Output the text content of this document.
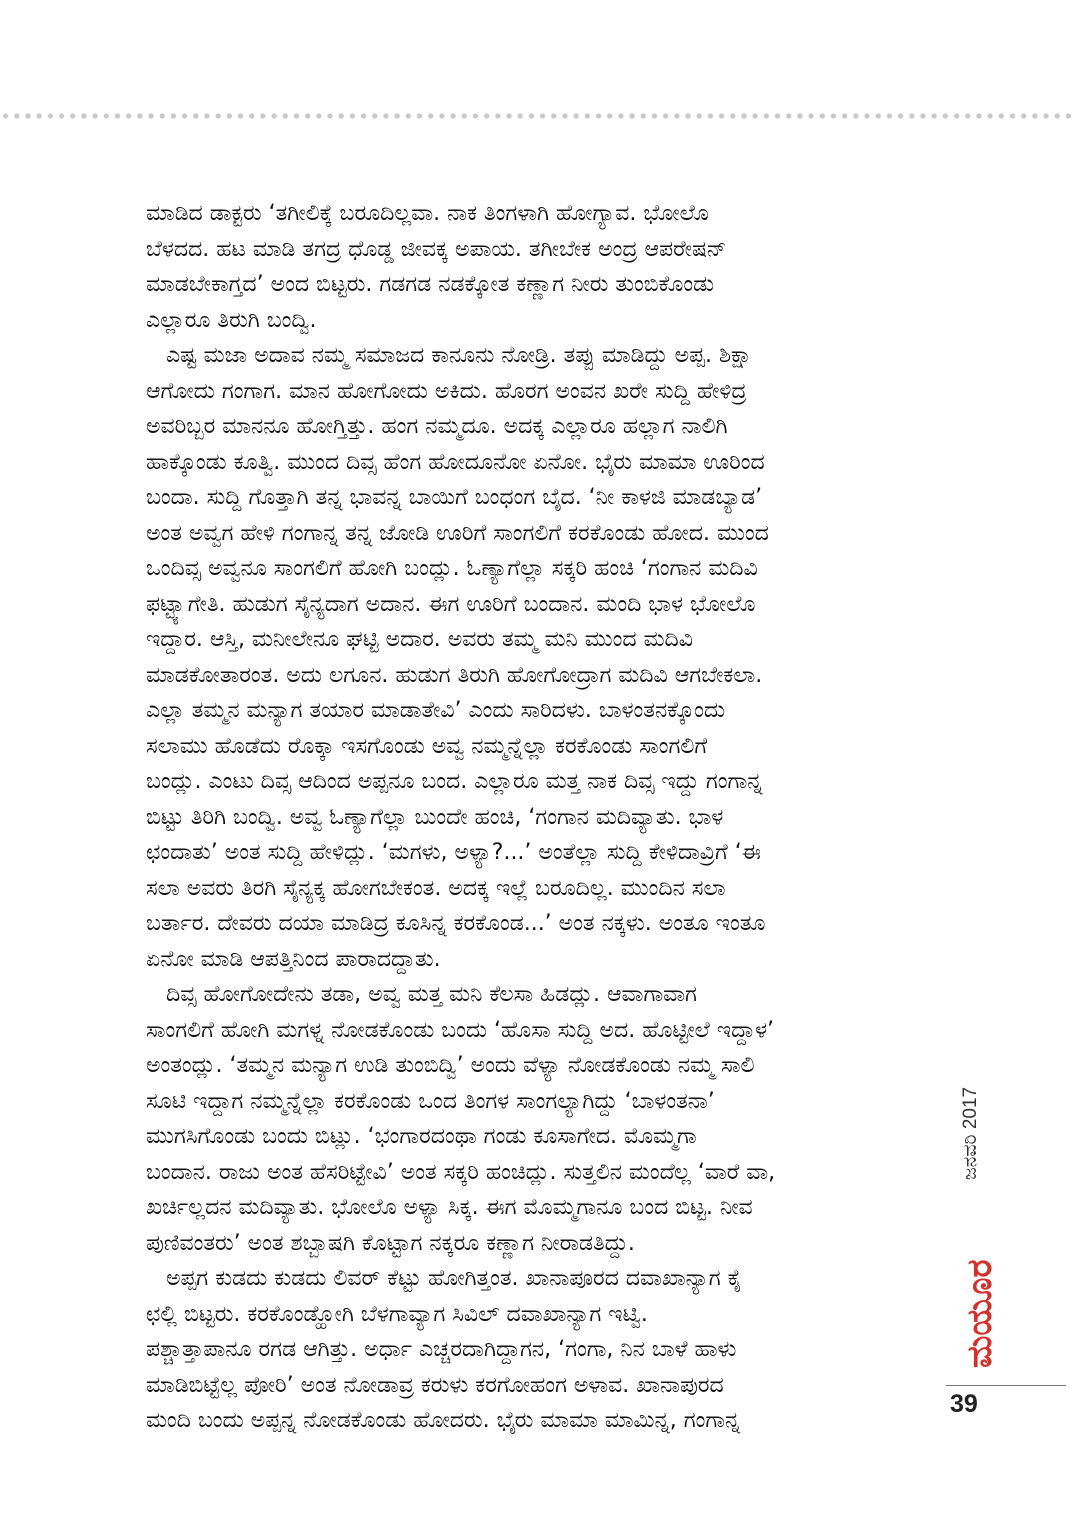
ಮಾಡಿದ ಡಾಕ್ಟರು ‘ತಗೀಲಿಕ್ಕೆ ಬರೂದಿಲ್ಲವಾ. ನಾಕ ತಿಂಗಳಾಗಿ ಹೋಗ್ಯಾವ. ಭೋಲೊ
ಬೆಳದದ. ಹಟ ಮಾಡಿ ತಗದ್ರ ಧೊಡ್ಡ ಜೀವಕ್ಕ ಅಪಾಯ. ತಗೀಬೇಕ ಅಂದ್ರ ಆಪರೇಷನ್
ಮಾಡಬೇಕಾಗ್ತದ’ ಅಂದ ಬಿಟ್ಟರು. ಗಡಗಡ ನಡಕ್ಕೋತ ಕಣ್ಣಾಗ ನೀರು ತುಂಬಿಕೊಂಡು
ಎಲ್ಲಾರೂ ತಿರುಗಿ ಬಂದ್ವಿ.
ಎಷ್ಟ ಮಜಾ ಅದಾವ ನಮ್ಮ ಸಮಾಜದ ಕಾನೂನು ನೋಡ್ರಿ. ತಪ್ಪು ಮಾಡಿದ್ದು ಅಪ್ಪ. ಶಿಕ್ಷಾ
ಆಗೋದು ಗಂಗಾಗ. ಮಾನ ಹೋಗೋದು ಅಕಿದು. ಹೊರಗ ಅಂವನ ಖರೇ ಸುದ್ದಿ ಹೇಳಿದ್ರ
ಅವರಿಬ್ಬರ ಮಾನನೂ ಹೋಗ್ತಿತ್ತು. ಹಂಗ ನಮ್ಮದೂ. ಅದಕ್ಕ ಎಲ್ಲಾರೂ ಹಲ್ಲಾಗ ನಾಲಿಗಿ
ಹಾಕ್ಕೊಂಡು ಕೂತ್ವಿ. ಮುಂದ ದಿವ್ಸ ಹೆಂಗ ಹೋದೂನೋ ಏನೋ. ಭೈರು ಮಾಮಾ ಊರಿಂದ
ಬಂದಾ. ಸುದ್ದಿ ಗೊತ್ತಾಗಿ ತನ್ನ ಭಾವನ್ನ ಬಾಯಿಗೆ ಬಂಧಂಗ ಬೈದ. ‘ನೀ ಕಾಳಜಿ ಮಾಡಬ್ಯಾಡ’
ಅಂತ ಅವ್ವಗ ಹೇಳಿ ಗಂಗಾನ್ನ ತನ್ನ ಜೋಡಿ ಊರಿಗೆ ಸಾಂಗಲಿಗೆ ಕರಕೊಂಡು ಹೋದ. ಮುಂದ
ಒಂದಿವ್ಸ ಅವ್ವನೂ ಸಾಂಗಲಿಗೆ ಹೋಗಿ ಬಂದ್ಲು. ಓಣ್ಯಾಗೆಲ್ಲಾ ಸಕ್ಕರಿ ಹಂಚಿ ‘ಗಂಗಾನ ಮದಿವಿ
ಫಟ್ಟ್ಯಾಗೇತಿ. ಹುಡುಗ ಸೈನ್ಯದಾಗ ಅದಾನ. ಈಗ ಊರಿಗೆ ಬಂದಾನ. ಮಂದಿ ಭಾಳ ಭೋಲೊ
ಇದ್ದಾರ. ಆಸ್ತಿ, ಮನೀಲೇನೂ ಘಟ್ಟಿ ಅದಾರ. ಅವರು ತಮ್ಮ ಮನಿ ಮುಂದ ಮದಿವಿ
ಮಾಡಕೋತಾರಂತ. ಅದು ಲಗೂನ. ಹುಡುಗ ತಿರುಗಿ ಹೋಗೋದ್ರಾಗ ಮದಿವಿ ಆಗಬೇಕಲಾ.
ಎಲ್ಲಾ ತಮ್ಮನ ಮನ್ಯಾಗ ತಯಾರ ಮಾಡಾತೇವಿ’ ಎಂದು ಸಾರಿದಳು. ಬಾಳಂತನಕ್ಕೊಂದು
ಸಲಾಮು ಹೊಡೆದು ರೊಕ್ಕಾ ಇಸಗೊಂಡು ಅವ್ವ ನಮ್ಮನ್ನೆಲ್ಲಾ ಕರಕೊಂಡು ಸಾಂಗಲಿಗೆ
ಬಂದ್ಲು. ಎಂಟು ದಿವ್ಸ ಆದಿಂದ ಅಪ್ಪನೂ ಬಂದ. ಎಲ್ಲಾರೂ ಮತ್ತ ನಾಕ ದಿವ್ಸ ಇದ್ದು ಗಂಗಾನ್ನ
ಬಿಟ್ಟು ತಿರಿಗಿ ಬಂದ್ವಿ. ಅವ್ವ ಓಣ್ಯಾಗೆಲ್ಲಾ ಬುಂದೇ ಹಂಚಿ, ‘ಗಂಗಾನ ಮದಿವ್ಯಾತು. ಭಾಳ
ಛಂದಾತು’ ಅಂತ ಸುದ್ದಿ ಹೇಳಿದ್ಲು. ‘ಮಗಳು, ಅಳ್ಯಾ?...’ ಅಂತೆಲ್ಲಾ ಸುದ್ದಿ ಕೇಳಿದಾವ್ರಿಗೆ ‘ಈ
ಸಲಾ ಅವರು ತಿರಗಿ ಸೈನ್ಯಕ್ಕ ಹೋಗಬೇಕಂತ. ಅದಕ್ಕ ಇಲ್ಲೆ ಬರೂದಿಲ್ಲ. ಮುಂದಿನ ಸಲಾ
ಬರ್ತಾರ. ದೇವರು ದಯಾ ಮಾಡಿದ್ರ ಕೂಸಿನ್ನ ಕರಕೊಂಡ...’ ಅಂತ ನಕ್ಕಳು. ಅಂತೂ ಇಂತೂ
ಏನೋ ಮಾಡಿ ಆಪತ್ತಿನಿಂದ ಪಾರಾದದ್ದಾತು.
ದಿವ್ಸ ಹೋಗೋದೇನು ತಡಾ, ಅವ್ವ ಮತ್ತ ಮನಿ ಕೆಲಸಾ ಹಿಡದ್ಲು. ಆವಾಗಾವಾಗ
ಸಾಂಗಲಿಗೆ ಹೋಗಿ ಮಗಳ್ನ ನೋಡಕೊಂಡು ಬಂದು ‘ಹೊಸಾ ಸುದ್ದಿ ಅದ. ಹೊಟ್ಟೀಲೆ ಇದ್ದಾಳ’
ಅಂತಂದ್ಲು. ‘ತಮ್ಮನ ಮನ್ಯಾಗ ಉಡಿ ತುಂಬಿದ್ವಿ’ ಅಂದು ವೆಳ್ಯಾ ನೋಡಕೊಂಡು ನಮ್ಮ ಸಾಲಿ
ಸೂಟಿ ಇದ್ದಾಗ ನಮ್ಮನ್ನೆಲ್ಲಾ ಕರಕೊಂಡು ಒಂದ ತಿಂಗಳ ಸಾಂಗಲ್ಯಾಗಿದ್ದು ‘ಬಾಳಂತನಾ’
ಮುಗಸಿಗೊಂಡು ಬಂದು ಬಿಟ್ಲು. ‘ಭಂಗಾರದಂಥಾ ಗಂಡು ಕೂಸಾಗೇದ. ಮೊಮ್ಮಗಾ
ಬಂದಾನ. ರಾಜು ಅಂತ ಹೆಸರಿಟ್ಟೇವಿ’ ಅಂತ ಸಕ್ಕರಿ ಹಂಚಿದ್ಲು. ಸುತ್ತಲಿನ ಮಂದೆಲ್ಲ ‘ವಾರೆ ವಾ,
ಖರ್ಚಿಲ್ಲದನ ಮದಿವ್ಯಾತು. ಭೋಲೊ ಅಳ್ಯಾ ಸಿಕ್ಕ. ಈಗ ಮೊಮ್ಮಗಾನೂ ಬಂದ ಬಿಟ್ಟ. ನೀವ
ಪುಣಿವಂತರು’ ಅಂತ ಶಬ್ಬಾಷಗಿ ಕೊಟ್ಟಾಗ ನಕ್ಕರೂ ಕಣ್ಣಾಗ ನೀರಾಡತಿದ್ದು.
ಅಪ್ಪಗ ಕುಡದು ಕುಡದು ಲಿವರ್ ಕೆಟ್ಟು ಹೋಗಿತ್ತಂತ. ಖಾನಾಪೂರದ ದವಾಖಾನ್ಯಾಗ ಕೈ
ಛಲ್ಲಿ ಬಿಟ್ಟರು. ಕರಕೊಂಡ್ಹೋಗಿ ಬೆಳಗಾವ್ಯಾಗ ಸಿವಿಲ್ ದವಾಖಾನ್ಯಾಗ ಇಟ್ವಿ.
ಪಶ್ಚಾತ್ತಾಪಾನೂ ರಗಡ ಆಗಿತ್ತು. ಅರ್ಧಾ ಎಚ್ಚರದಾಗಿದ್ದಾಗನ, ‘ಗಂಗಾ, ನಿನ ಬಾಳೆ ಹಾಳು
ಮಾಡಿಬಿಟ್ಟೆಲ್ಲ ಪೋರಿ’ ಅಂತ ನೋಡಾವ್ರ ಕರುಳು ಕರಗೋಹಂಗ ಅಳಾವ. ಖಾನಾಪುರದ
ಮಂದಿ ಬಂದು ಅಪ್ಪನ್ನ ನೋಡಕೊಂಡು ಹೋದರು. ಭೈರು ಮಾಮಾ ಮಾಮಿನ್ನ, ಗಂಗಾನ್ನ
ಜನವರಿ 2017
ಮಯೂರ
39
